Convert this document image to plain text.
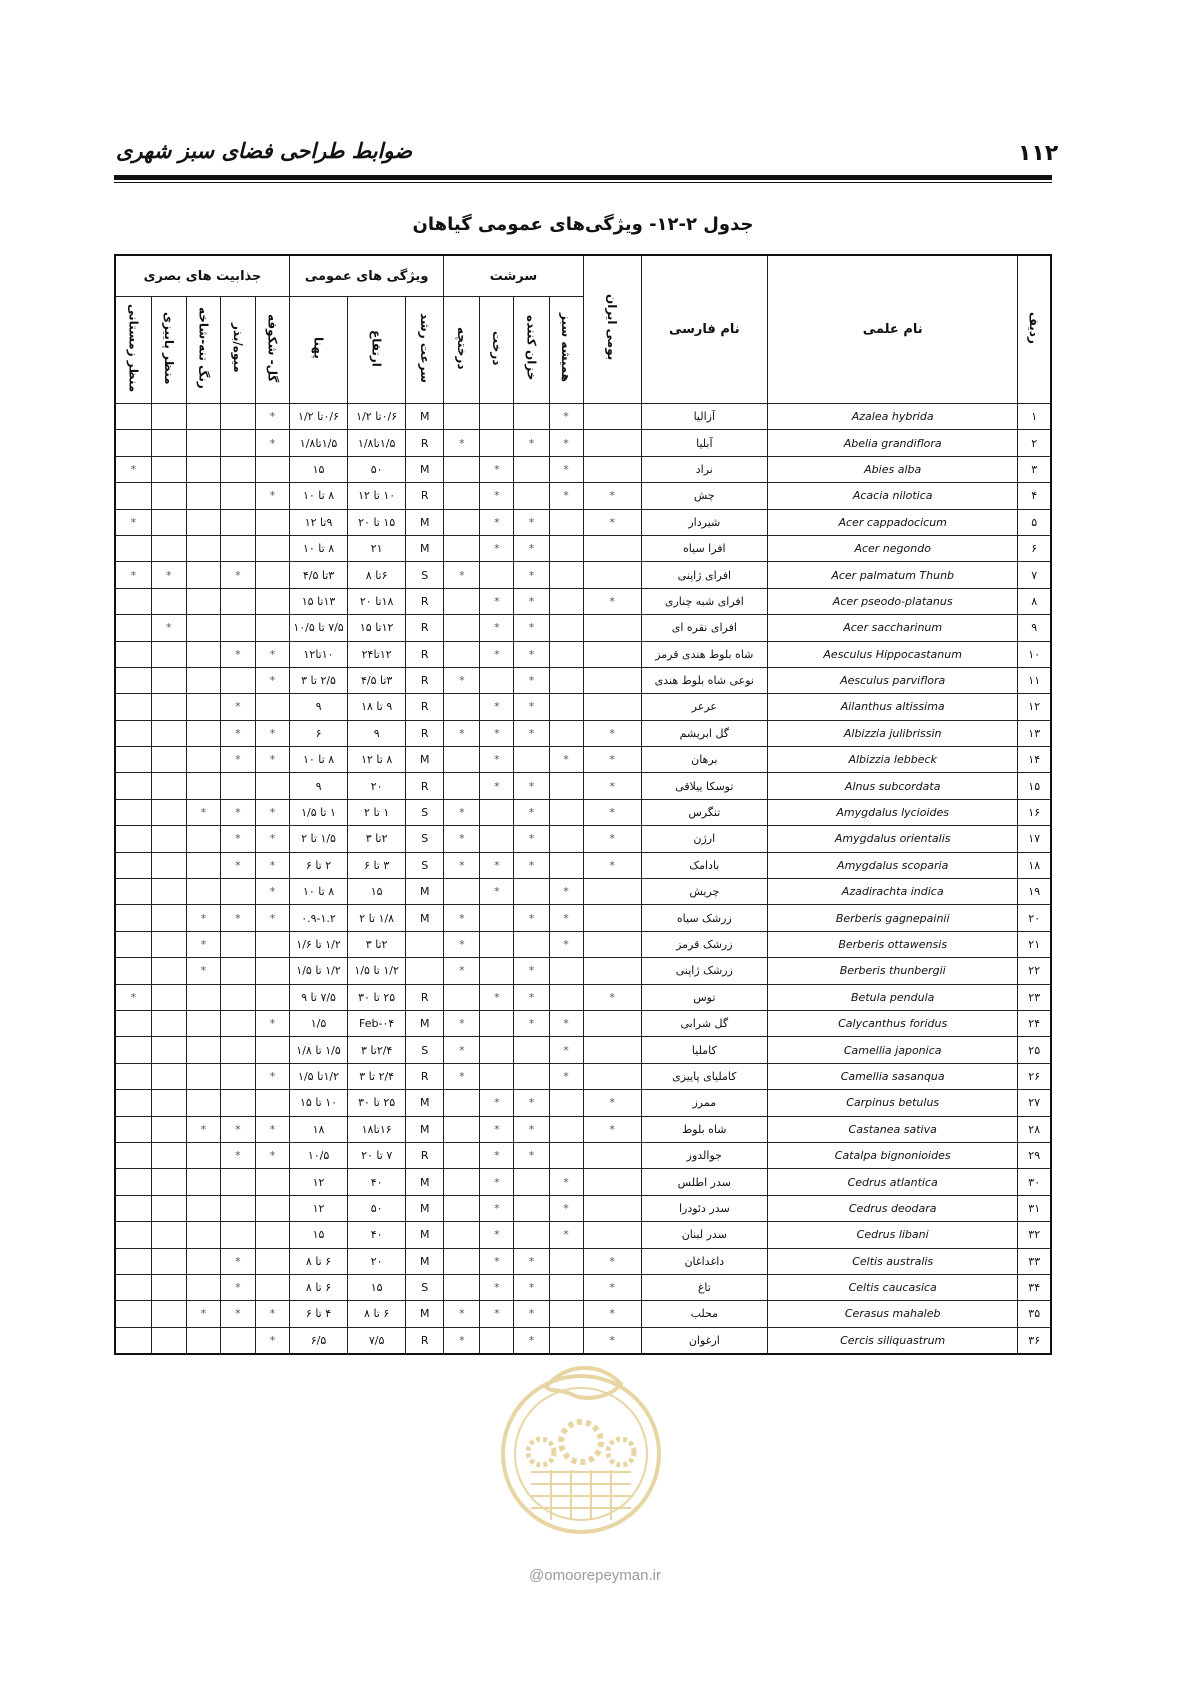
۱۱۲
ضوابط طراحی فضای سبز شهری
جدول ۲-۱۲- ویژگی‌های عمومی گیاهان
ردیف	نام علمی	نام فارسی	بومی ایران	سرشت				ویژگی های عمومی			جذابیت های بصری				
				همیشه سبز	خزان کننده	درخت	درختچه	سرعت رشد	ارتفاع	پهنا	گل- شکوفه	میوه/بذر	رنگ تنه-شاخه	منظر پاییزی	منظر زمستانی
۱	Azalea hybrida	آزالیا		*				M	۰/۶تا ۱/۲	۰/۶تا ۱/۲	*				
۲	Abelia grandiflora	آبلیا		*	*		*	R	۱/۵تا۱/۸	۱/۵تا۱/۸	*				
۳	Abies alba	نراد		*		*		M	۵۰	۱۵					*
۴	Acacia nilotica	چش	*	*		*		R	۱۰ تا ۱۲	۸ تا ۱۰	*				
۵	Acer cappadocicum	شیردار	*		*	*		M	۱۵ تا ۲۰	۹تا ۱۲					*
۶	Acer negondo	افرا سیاه			*	*		M	۲۱	۸ تا ۱۰					
۷	Acer palmatum Thunb	افرای ژاپنی			*		*	S	۶تا ۸	۳تا ۴/۵		*		*	*
۸	Acer pseodo-platanus	افرای شبه چناری	*		*	*		R	۱۸تا ۲۰	۱۳تا ۱۵					
۹	Acer saccharinum	افرای نقره ای			*	*		R	۱۲تا ۱۵	۷/۵ تا ۱۰/۵				*	
۱۰	Aesculus Hippocastanum	شاه بلوط هندی قرمز			*	*		R	۱۲تا۲۴	۱۰تا۱۲	*	*			
۱۱	Aesculus parviflora	نوعی شاه بلوط هندی			*		*	R	۳تا ۴/۵	۲/۵ تا ۳	*				
۱۲	Ailanthus altissima	عرعر			*	*		R	۹ تا ۱۸	۹		*			
۱۳	Albizzia julibrissin	گل ابریشم	*		*	*	*	R	۹	۶	*	*			
۱۴	Albizzia lebbeck	برهان	*	*		*		M	۸ تا ۱۲	۸ تا ۱۰	*	*			
۱۵	Alnus subcordata	توسکا ییلاقی	*		*	*		R	۲۰	۹					
۱۶	Amygdalus lycioides	تنگرس	*		*		*	S	۱ تا ۲	۱ تا ۱/۵	*	*	*		
۱۷	Amygdalus orientalis	ارژن	*		*		*	S	۲تا ۳	۱/۵ تا ۲	*	*			
۱۸	Amygdalus scoparia	بادامک	*		*	*	*	S	۳ تا ۶	۲ تا ۶	*	*			
۱۹	Azadirachta indica	چریش		*		*		M	۱۵	۸ تا ۱۰	*				
۲۰	Berberis gagnepainii	زرشک سیاه		*	*		*	M	۱/۸ تا ۲	۰.۹-۱.۲	*	*	*		
۲۱	Berberis ottawensis	زرشک قرمز		*			*		۲تا ۳	۱/۲ تا ۱/۶			*		
۲۲	Berberis thunbergii	زرشک ژاپنی			*		*		۱/۲ تا ۱/۵	۱/۲ تا ۱/۵			*		
۲۳	Betula pendula	توس	*		*	*		R	۲۵ تا ۳۰	۷/۵ تا ۹					*
۲۴	Calycanthus foridus	گل شرابی		*	*		*	M	Feb-۰۴	۱/۵	*				
۲۵	Camellia japonica	کاملیا		*			*	S	۲/۴تا ۳	۱/۵ تا ۱/۸					
۲۶	Camellia sasanqua	کاملیای پاییزی		*			*	R	۲/۴ تا ۳	۱/۲تا ۱/۵	*				
۲۷	Carpinus betulus	ممرز	*		*	*		M	۲۵ تا ۳۰	۱۰ تا ۱۵					
۲۸	Castanea sativa	شاه بلوط	*		*	*		M	۱۶تا۱۸	۱۸	*	*	*		
۲۹	Catalpa bignonioides	جوالدوز			*	*		R	۷ تا ۲۰	۱۰/۵	*	*			
۳۰	Cedrus atlantica	سدر اطلس		*		*		M	۴۰	۱۲					
۳۱	Cedrus deodara	سدر دئودرا		*		*		M	۵۰	۱۲					
۳۲	Cedrus libani	سدر لبنان		*		*		M	۴۰	۱۵					
۳۳	Celtis australis	داغداغان	*		*	*		M	۲۰	۶ تا ۸		*			
۳۴	Celtis caucasica	تاغ	*		*	*		S	۱۵	۶ تا ۸		*			
۳۵	Cerasus mahaleb	محلب	*		*	*	*	M	۶ تا ۸	۴ تا ۶	*	*	*		
۳۶	Cercis siliquastrum	ارغوان	*		*		*	R	۷/۵	۶/۵	*				
@omoorepeyman.ir
